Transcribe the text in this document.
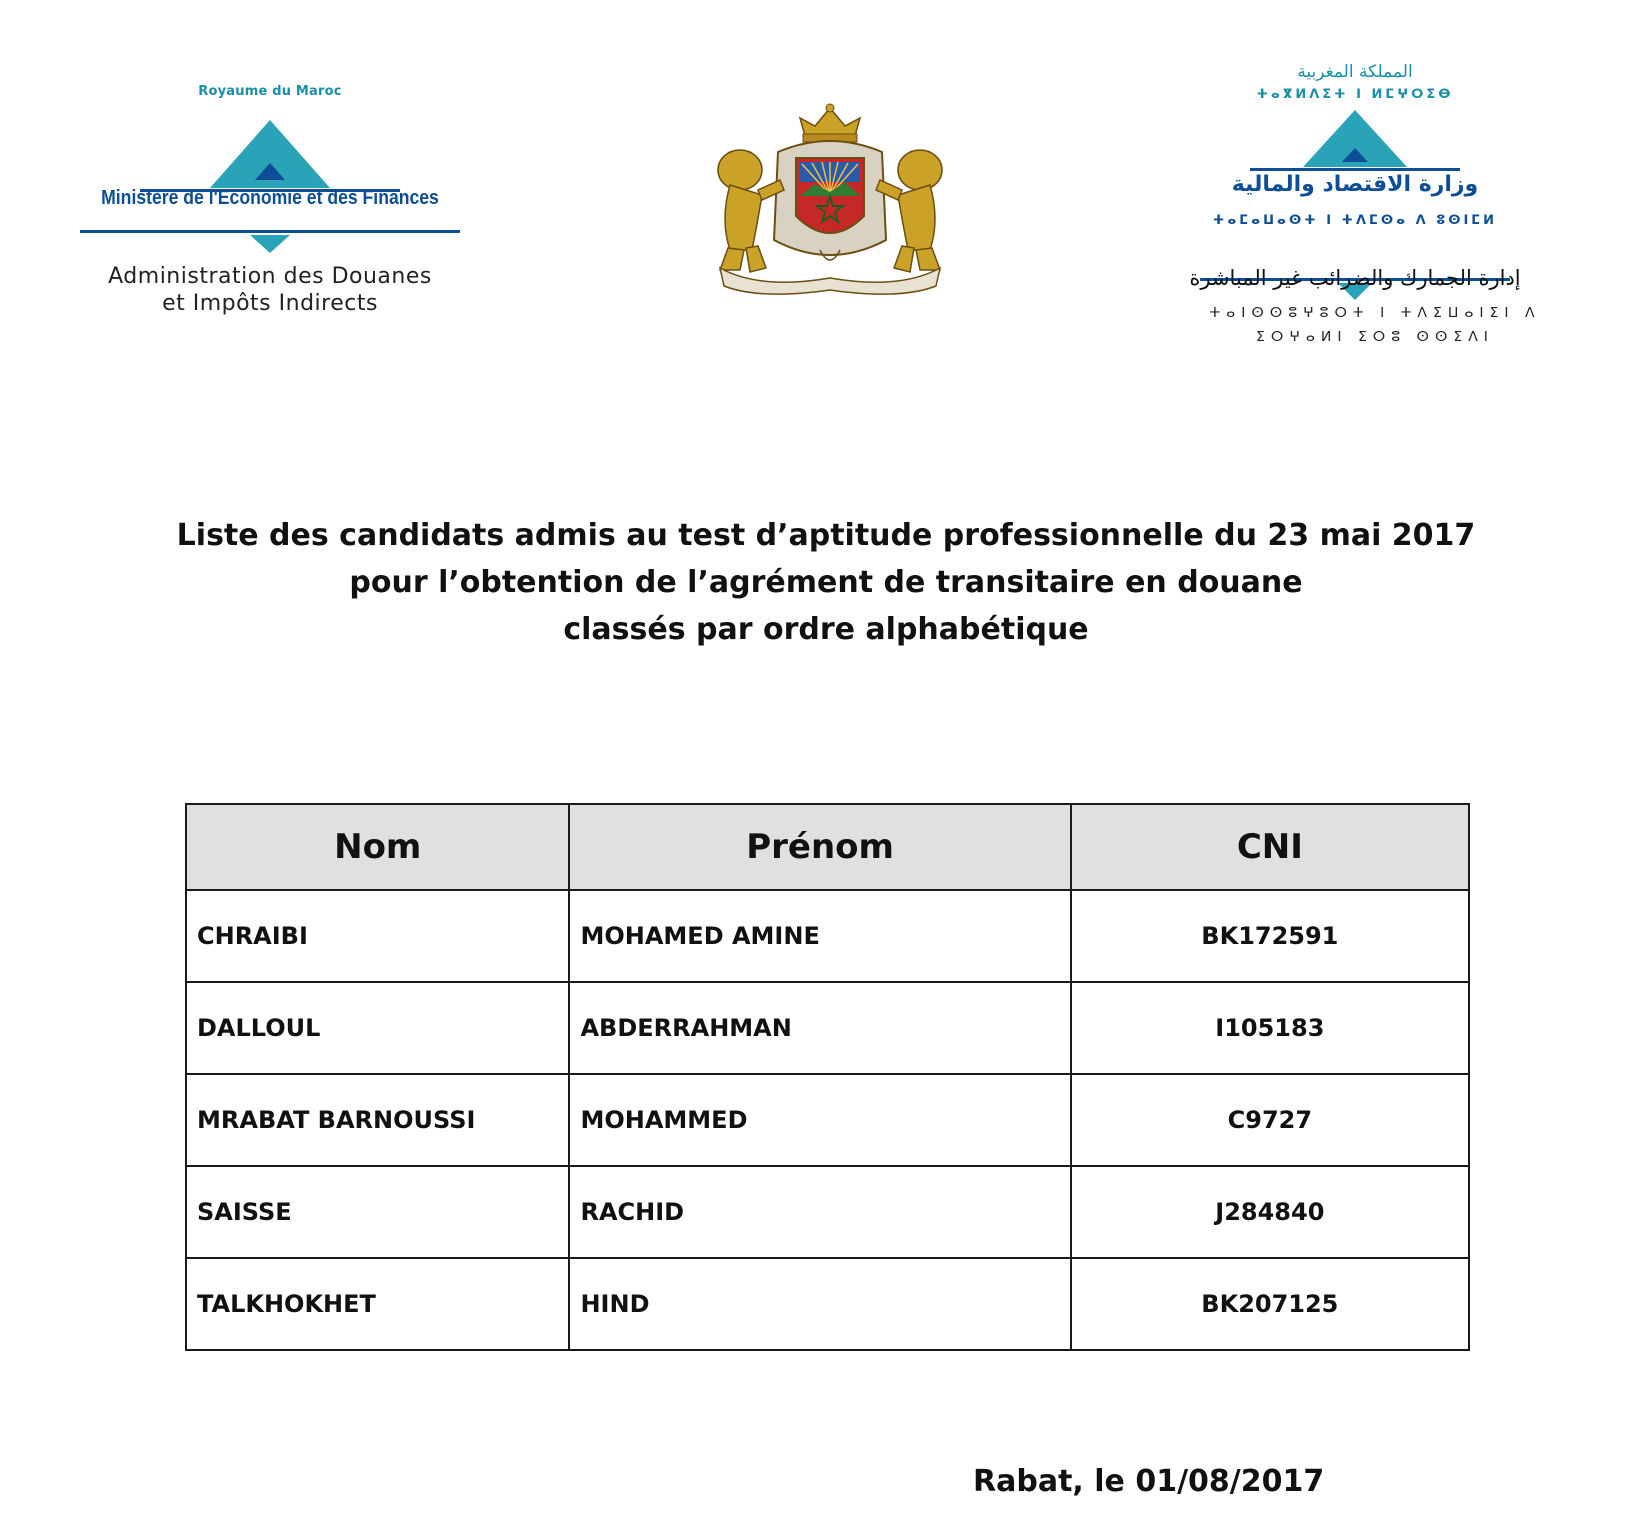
Royaume du Maroc
Ministère de l'Economie et des Finances
Administration des Douanes
et Impôts Indirects
المملكة المغربية
ⵜⴰⴳⵍⴷⵉⵜ ⵏ ⵍⵎⵖⵔⵉⴱ
وزارة الاقتصاد والمالية
ⵜⴰⵎⴰⵡⴰⵙⵜ ⵏ ⵜⴷⵎⵙⴰ ⴷ ⵓⵙⵏⵎⵍ
إدارة الجمارك والضرائب غير المباشرة
ⵜⴰⵏⵙⵙⵓⵖⵓⵔⵜ ⵏ ⵜⴷⵉⵡⴰⵏⵉⵏ ⴷ
ⵉⵔⵖⴰⵍⵏ ⵉⵔⵓ ⵙⵙⵉⴷⵏ
Liste des candidats admis au test d’aptitude professionnelle du 23 mai 2017
pour l’obtention de l’agrément de transitaire en douane
classés par ordre alphabétique
Nom	Prénom	CNI
CHRAIBI	MOHAMED AMINE	BK172591
DALLOUL	ABDERRAHMAN	I105183
MRABAT BARNOUSSI	MOHAMMED	C9727
SAISSE	RACHID	J284840
TALKHOKHET	HIND	BK207125
Rabat, le 01/08/2017
